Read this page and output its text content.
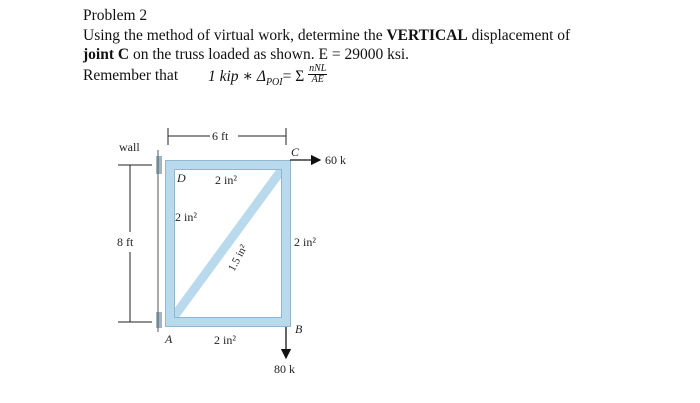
Problem 2
Using the method of virtual work, determine the VERTICAL displacement of
joint C on the truss loaded as shown. E = 29000 ksi.
Remember that 1 kip ∗ $\Delta_{POI}= \Sigma \frac{\text{nNL}}{AE}$
6 ft
8 ft
wall	C
D
A
B
2 in²
2 in²
1.5 in²
2 in²
2 in²
60 k
80 k
